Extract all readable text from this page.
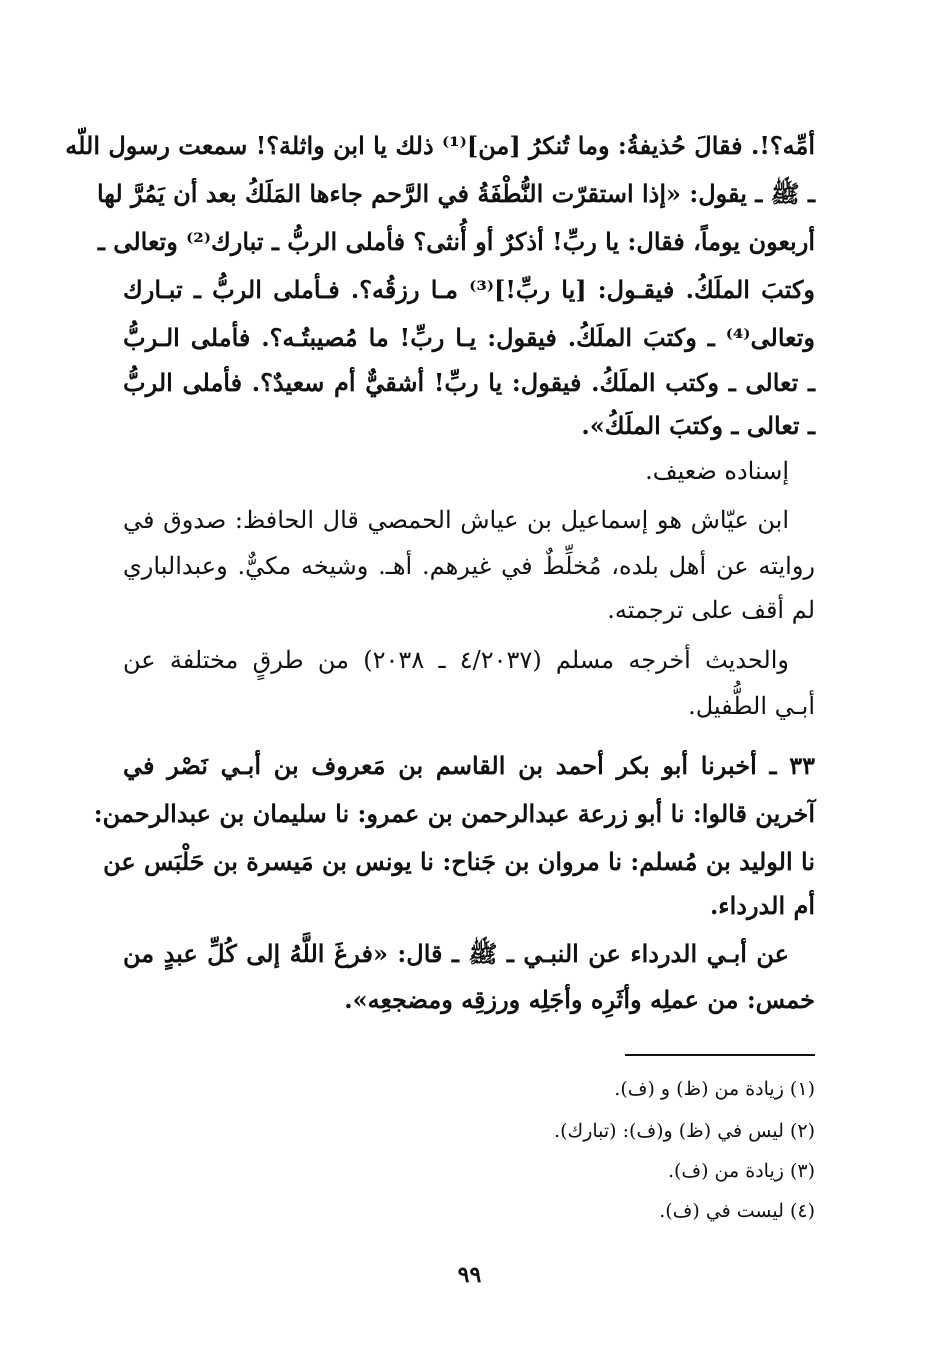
أمِّه؟!. فقالَ حُذيفةُ: وما تُنكرُ [من]⁽¹⁾ ذلك يا ابن واثلة؟! سمعت رسول اللّه
ـ ﷺ ـ يقول: «إذا استقرّت النُّطْفَةُ في الرَّحم جاءها المَلَكُ بعد أن يَمُرَّ لها
أربعون يوماً، فقال: يا ربِّ! أذكرٌ أو أُنثى؟ فأملى الربُّ ـ تبارك⁽²⁾ وتعالى ـ
وكتبَ الملَكُ. فيقـول: [يا ربِّ!]⁽³⁾ مـا رزقُه؟. فـأملى الربُّ ـ تبـارك
وتعالى⁽⁴⁾ ـ وكتبَ الملَكُ. فيقول: يـا ربِّ! ما مُصيبتُـه؟. فأملى الـربُّ
ـ تعالى ـ وكتب الملَكُ. فيقول: يا ربِّ! أشقيٌّ أم سعيدٌ؟. فأملى الربُّ
ـ تعالى ـ وكتبَ الملَكُ».
إسناده ضعيف.
ابن عيّاش هو إسماعيل بن عياش الحمصي قال الحافظ: صدوق في
روايته عن أهل بلده، مُخلِّطٌ في غيرهم. أهـ. وشيخه مكيٌّ. وعبدالباري
لم أقف على ترجمته.
والحديث أخرجه مسلم (٤/٢٠٣٧ ـ ٢٠٣٨) من طرقٍ مختلفة عن
أبـي الطُّفيل.
٣٣ ـ أخبرنا أبو بكر أحمد بن القاسم بن مَعروف بن أبـي نَصْر في
آخرين قالوا: نا أبو زرعة عبدالرحمن بن عمرو: نا سليمان بن عبدالرحمن:
نا الوليد بن مُسلم: نا مروان بن جَناح: نا يونس بن مَيسرة بن حَلْبَس عن
أم الدرداء.
عن أبـي الدرداء عن النبـي ـ ﷺ ـ قال: «فرغَ اللَّهُ إلى كُلِّ عبدٍ من
خمس: من عملِه وأثَرِه وأجَلِه ورزقِه ومضجعِه».
(١) زيادة من (ظ) و (ف).
(٢) ليس في (ظ) و(ف): (تبارك).
(٣) زيادة من (ف).
(٤) ليست في (ف).
٩٩
